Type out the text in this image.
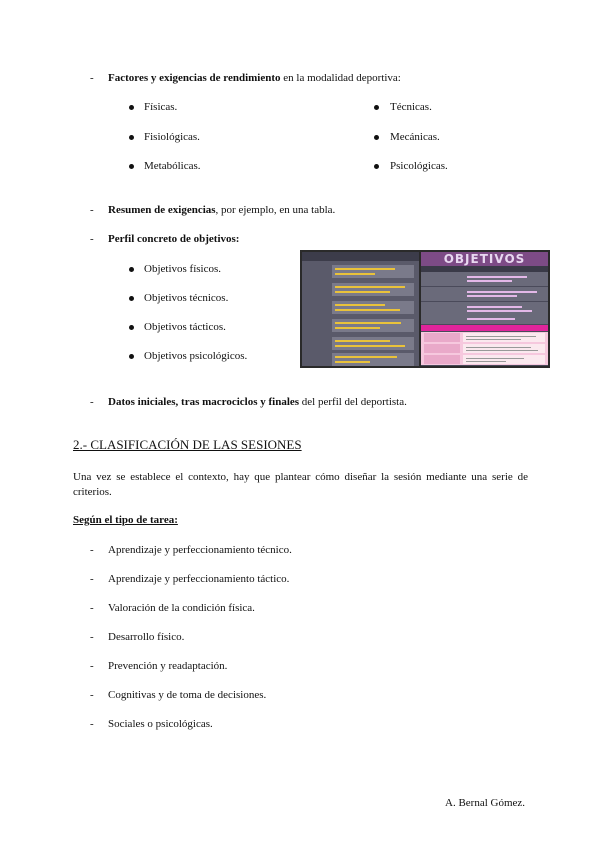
- Factores y exigencias de rendimiento en la modalidad deportiva:
Físicas.
Fisiológicas.
Metabólicas.
Técnicas.
Mecánicas.
Psicológicas.
- Resumen de exigencias, por ejemplo, en una tabla.
- Perfil concreto de objetivos:
Objetivos físicos.
Objetivos técnicos.
Objetivos tácticos.
Objetivos psicológicos.
OBJETIVOS
- Datos iniciales, tras macrociclos y finales del perfil del deportista.
2.- CLASIFICACIÓN DE LAS SESIONES
Una vez se establece el contexto, hay que plantear cómo diseñar la sesión mediante una serie de criterios.
Según el tipo de tarea:
- Aprendizaje y perfeccionamiento técnico.
- Aprendizaje y perfeccionamiento táctico.
- Valoración de la condición física.
- Desarrollo físico.
- Prevención y readaptación.
- Cognitivas y de toma de decisiones.
- Sociales o psicológicas.
A. Bernal Gómez.
